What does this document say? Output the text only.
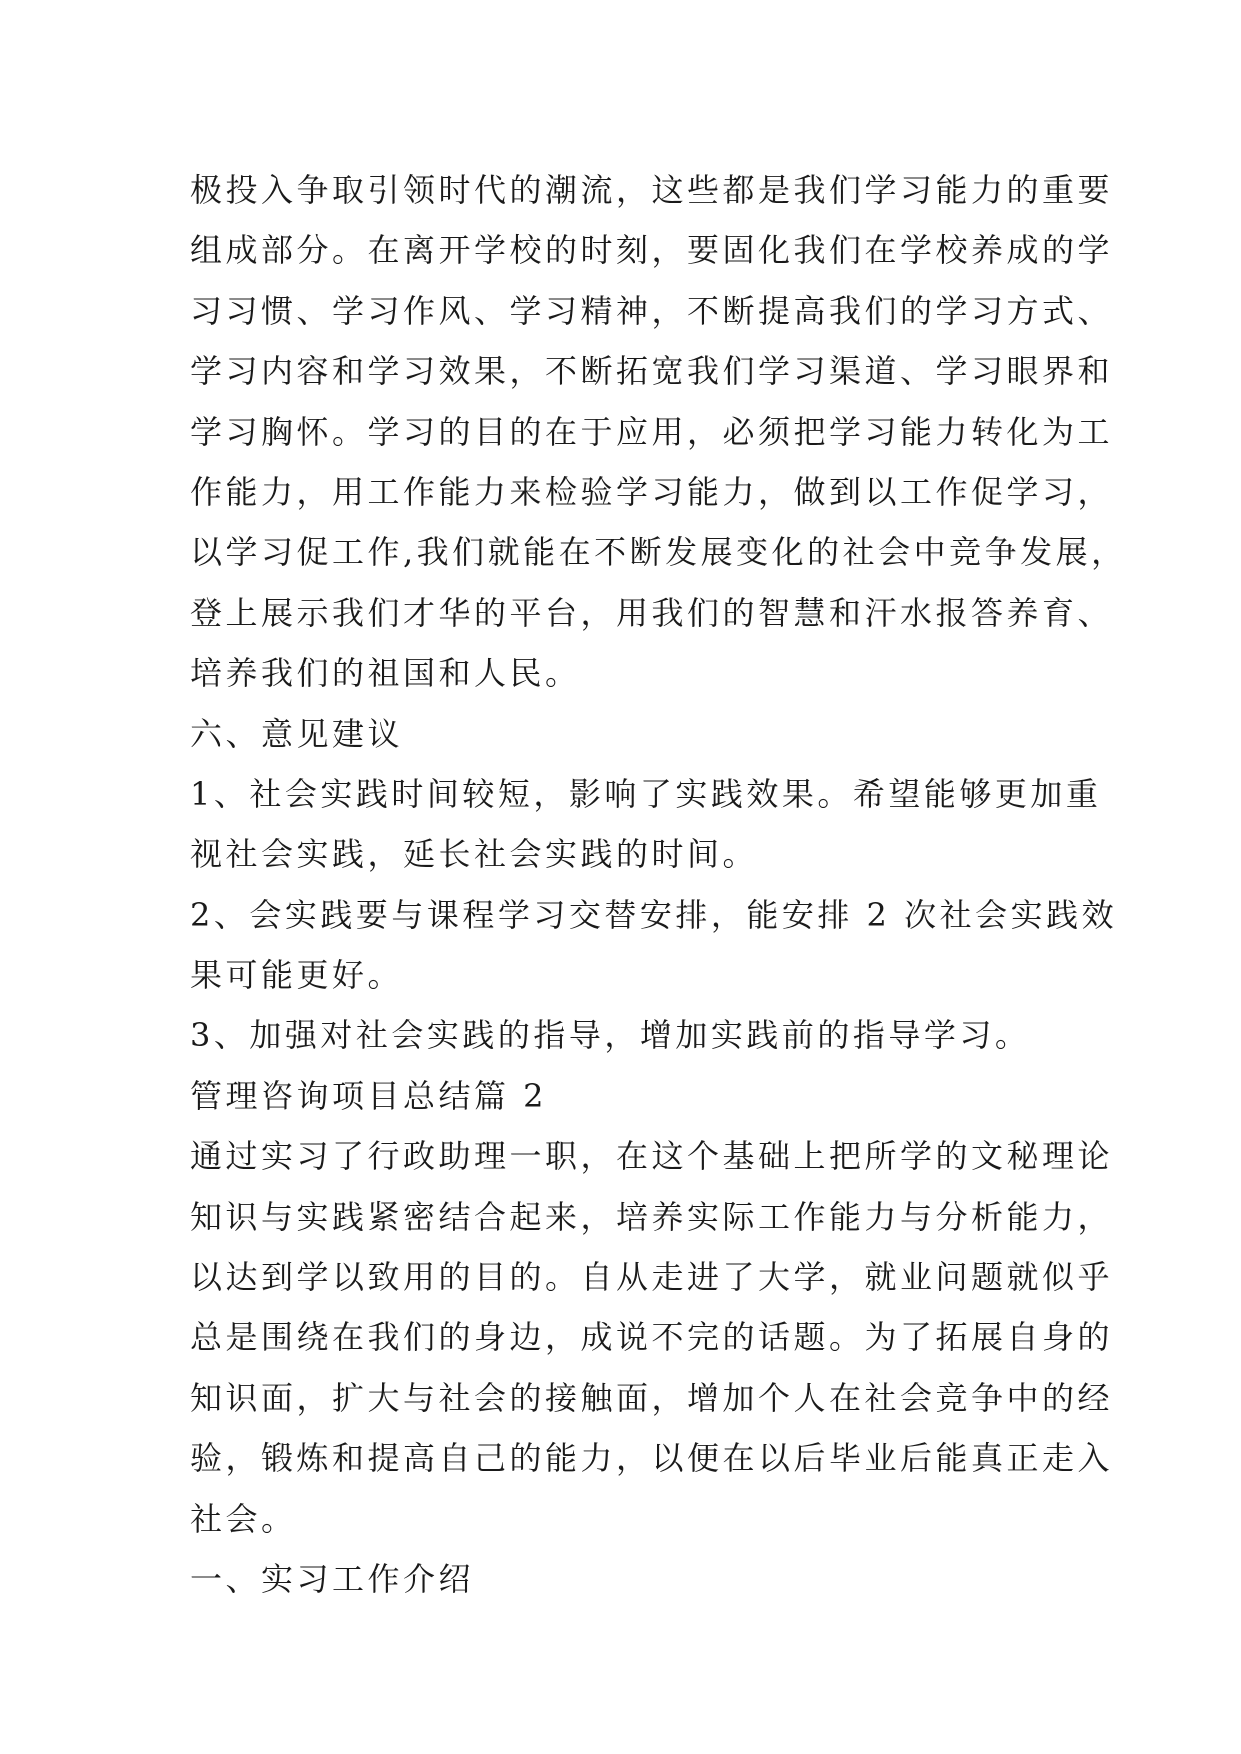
极投入争取引领时代的潮流，这些都是我们学习能力的重要
组成部分。在离开学校的时刻，要固化我们在学校养成的学
习习惯、学习作风、学习精神，不断提高我们的学习方式、
学习内容和学习效果，不断拓宽我们学习渠道、学习眼界和
学习胸怀。学习的目的在于应用，必须把学习能力转化为工
作能力，用工作能力来检验学习能力，做到以工作促学习，
以学习促工作,我们就能在不断发展变化的社会中竞争发展，
登上展示我们才华的平台，用我们的智慧和汗水报答养育、
培养我们的祖国和人民。
六、意见建议
1、社会实践时间较短，影响了实践效果。希望能够更加重
视社会实践，延长社会实践的时间。
2、会实践要与课程学习交替安排，能安排 2 次社会实践效
果可能更好。
3、加强对社会实践的指导，增加实践前的指导学习。
管理咨询项目总结篇 2
通过实习了行政助理一职，在这个基础上把所学的文秘理论
知识与实践紧密结合起来，培养实际工作能力与分析能力，
以达到学以致用的目的。自从走进了大学，就业问题就似乎
总是围绕在我们的身边，成说不完的话题。为了拓展自身的
知识面，扩大与社会的接触面，增加个人在社会竞争中的经
验，锻炼和提高自己的能力，以便在以后毕业后能真正走入
社会。
一、实习工作介绍
